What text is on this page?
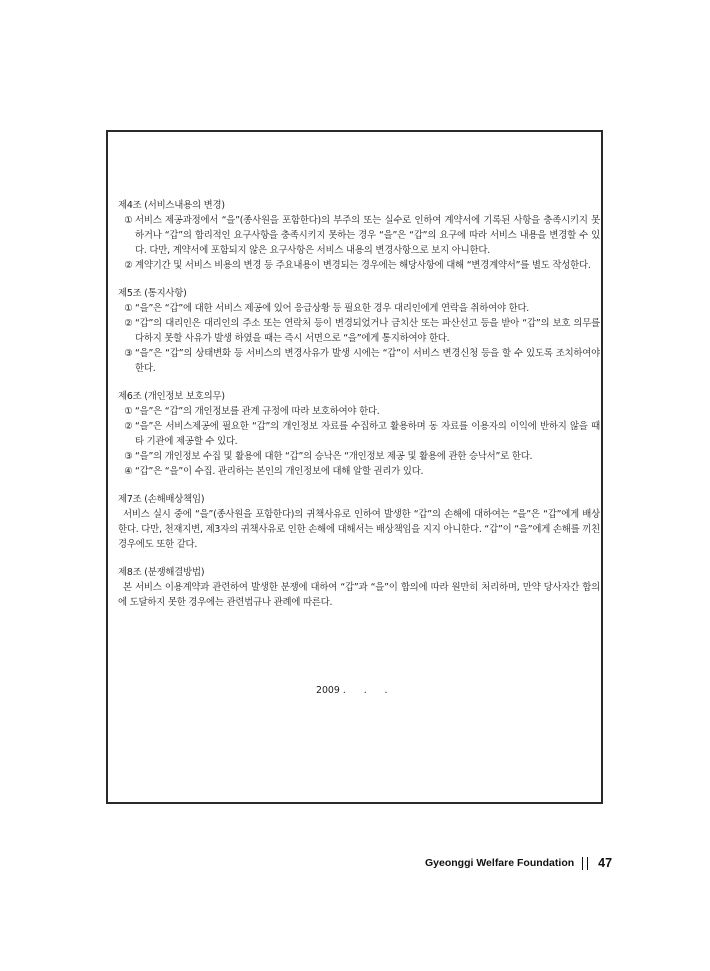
제4조 (서비스내용의 변경)
① 서비스 제공과정에서 “을”(종사원을 포함한다)의 부주의 또는 실수로 인하여 계약서에 기록된 사항을 충족시키지 못하거나 “갑”의 합리적인 요구사항을 충족시키지 못하는 경우 “을”은 “갑”의 요구에 따라 서비스 내용을 변경할 수 있다. 다만, 계약서에 포함되지 않은 요구사항은 서비스 내용의 변경사항으로 보지 아니한다.
② 계약기간 및 서비스 비용의 변경 등 주요내용이 변경되는 경우에는 해당사항에 대해 “변경계약서”를 별도 작성한다.
제5조 (통지사항)
① “을”은 “갑”에 대한 서비스 제공에 있어 응급상황 등 필요한 경우 대리인에게 연락을 취하여야 한다.
② “갑”의 대리인은 대리인의 주소 또는 연락처 등이 변경되었거나 금치산 또는 파산선고 등을 받아 “갑”의 보호 의무를 다하지 못할 사유가 발생 하였을 때는 즉시 서면으로 “을”에게 통지하여야 한다.
③ “을”은 “갑”의 상태변화 등 서비스의 변경사유가 발생 시에는 “갑”이 서비스 변경신청 등을 할 수 있도록 조치하여야 한다.
제6조 (개인정보 보호의무)
① “을”은 “갑”의 개인정보를 관계 규정에 따라 보호하여야 한다.
② “을”은 서비스제공에 필요한 “갑”의 개인정보 자료를 수집하고 활용하며 동 자료를 이용자의 이익에 반하지 않을 때 타 기관에 제공할 수 있다.
③ “을”의 개인정보 수집 및 활용에 대한 “갑”의 승낙은 “개인정보 제공 및 활용에 관한 승낙서”로 한다.
④ “갑”은 “을”이 수집. 관리하는 본인의 개인정보에 대해 알할 권리가 있다.
제7조 (손해배상책임)
서비스 실시 중에 “을”(종사원을 포함한다)의 귀책사유로 인하여 발생한 “갑”의 손해에 대하여는 “을”은 “갑”에게 배상한다. 다만, 천재지변, 제3자의 귀책사유로 인한 손해에 대해서는 배상책임을 지지 아니한다. “갑”이 “을”에게 손해를 끼친 경우에도 또한 같다.
제8조 (분쟁해결방법)
본 서비스 이용계약과 관련하여 발생한 분쟁에 대하여 “갑”과 “을”이 합의에 따라 원만히 처리하며, 만약 당사자간 합의에 도달하지 못한 경우에는 관련법규나 관례에 따른다.
2009 .      .      .
Gyeonggi Welfare Foundation 47
